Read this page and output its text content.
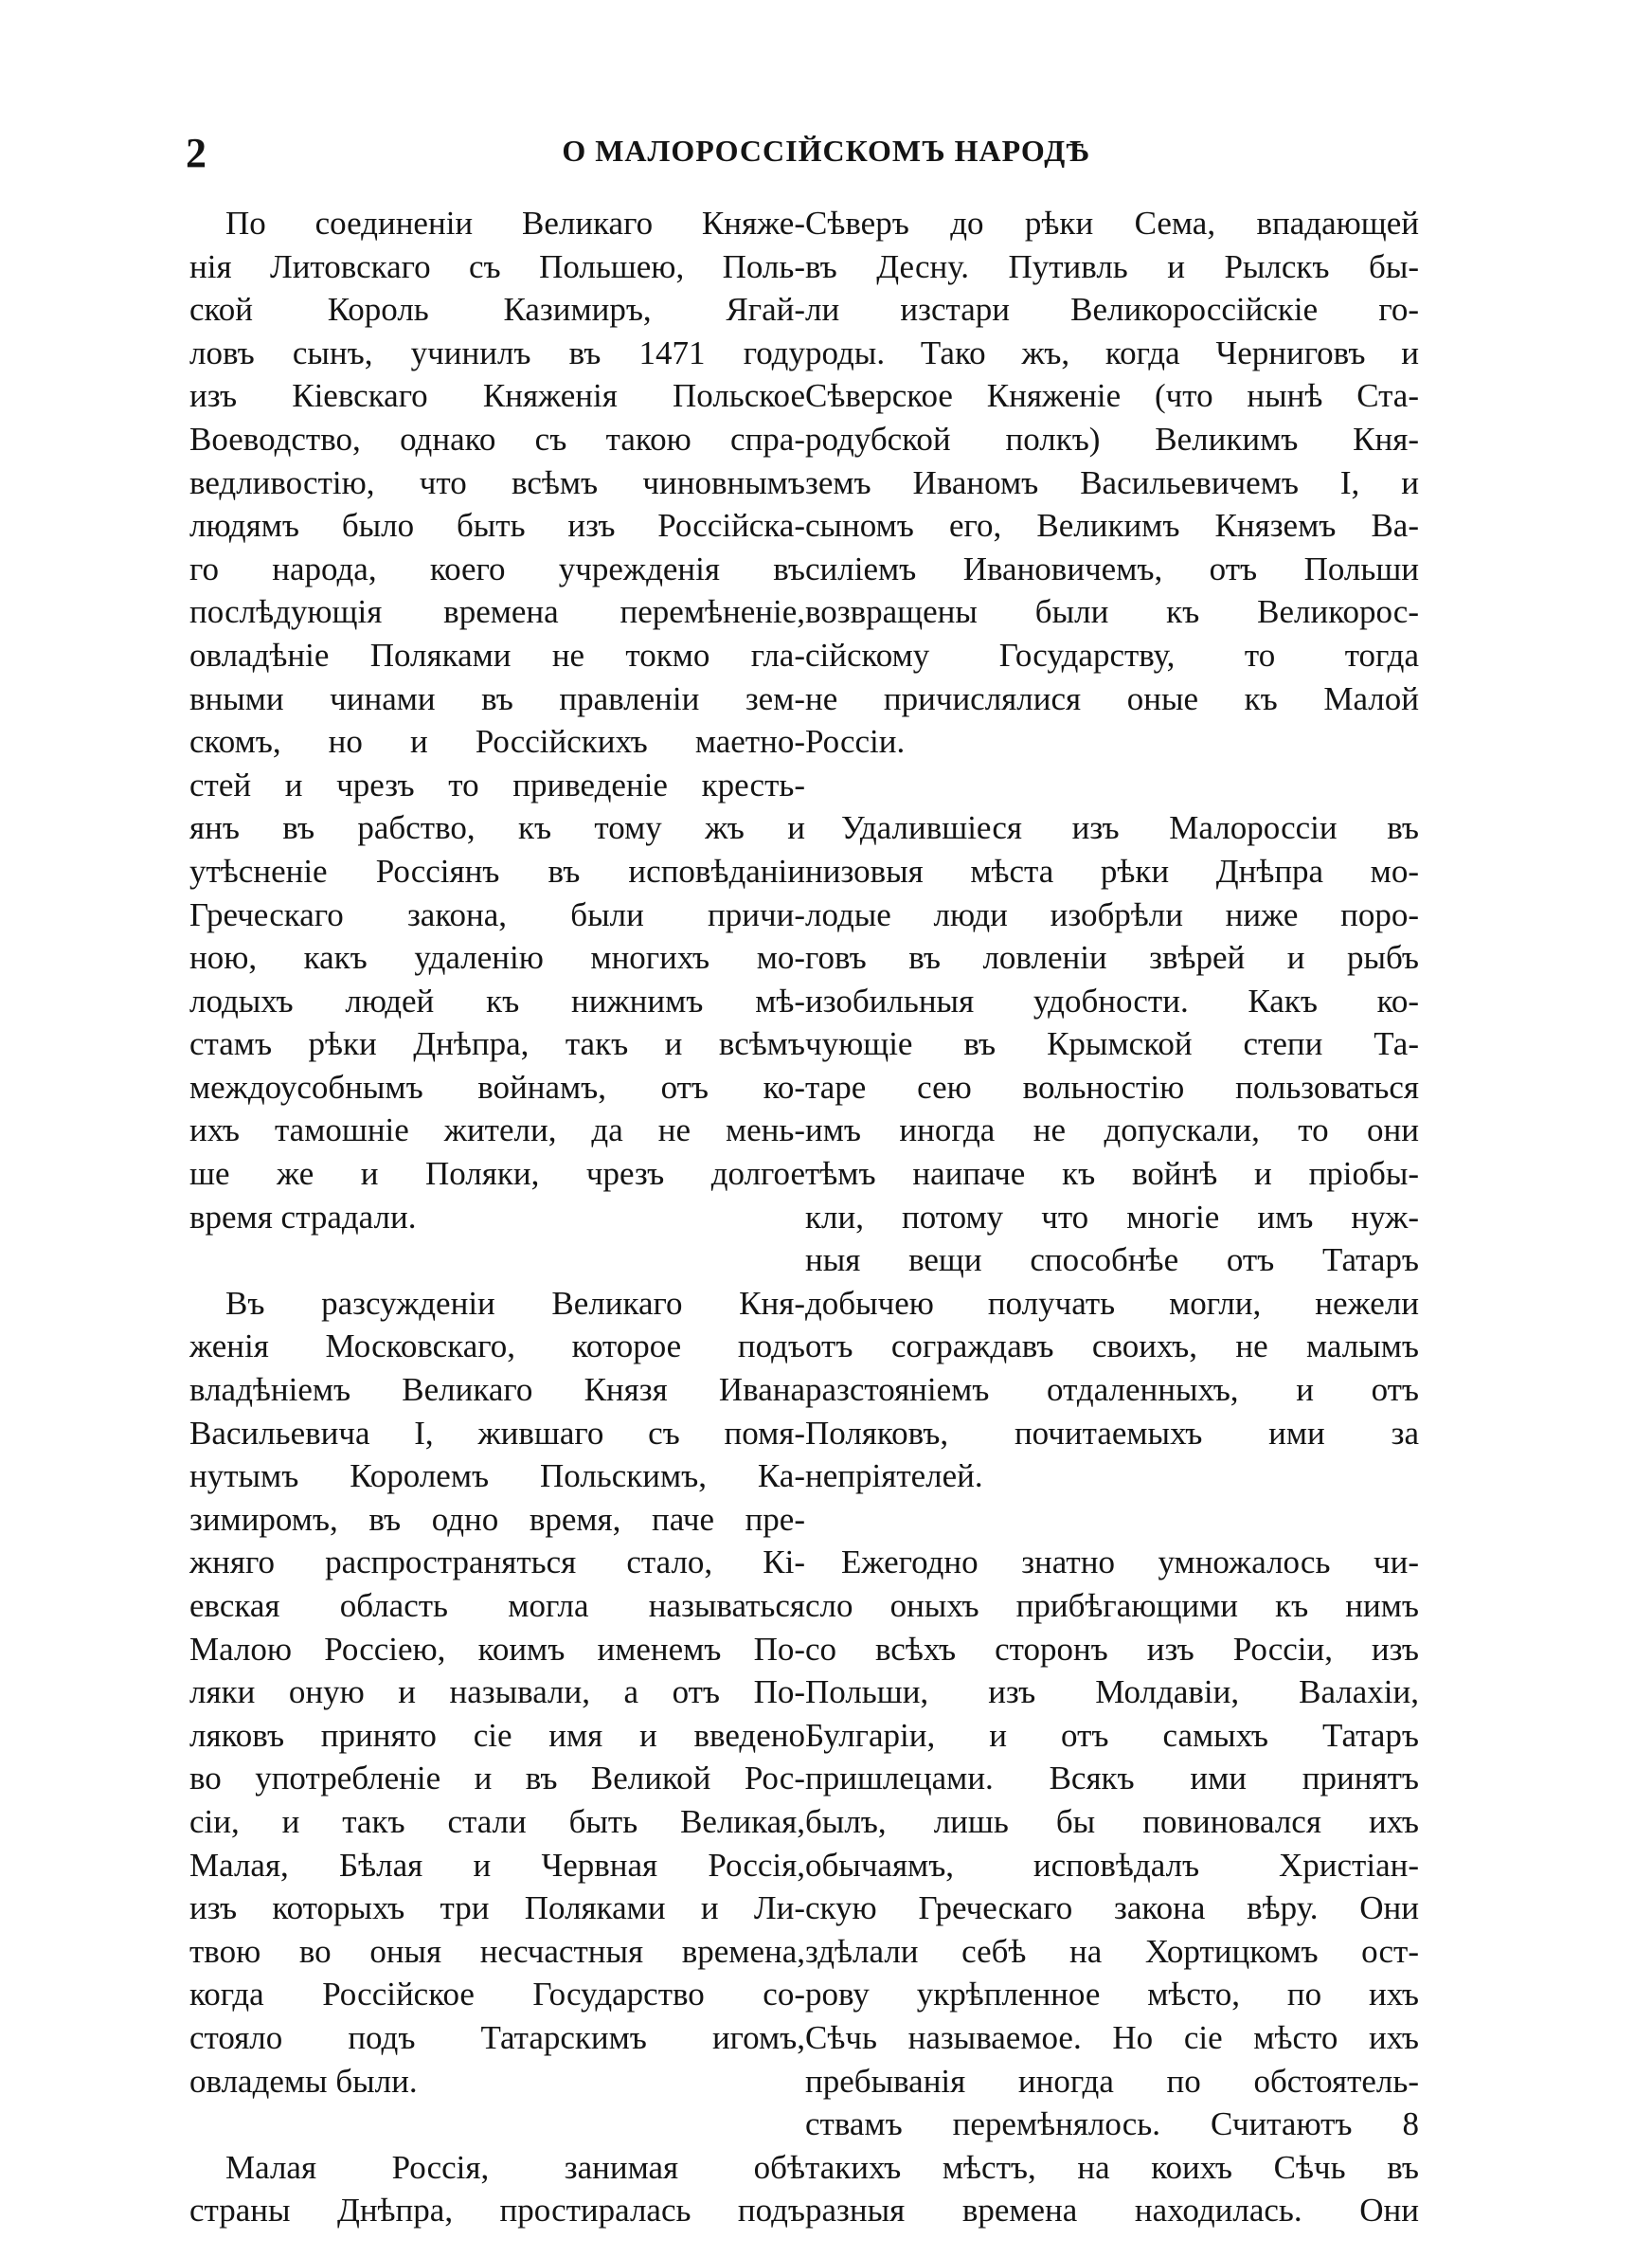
2	О МАЛОРОССІЙСКОМЪ НАРОДѢ
По соединеніи Великаго Княже-
нія Литовскаго съ Польшею, Поль-
ской Король Казимиръ, Ягай-
ловъ сынъ, учинилъ въ 1471 году
изъ Кіевскаго Княженія Польское
Воеводство, однако съ такою спра-
ведливостію, что всѣмъ чиновнымъ
людямъ было быть изъ Россійска-
го народа, коего учрежденія въ
послѣдующія времена перемѣненіе,
овладѣніе Поляками не токмо гла-
вными чинами въ правленіи зем-
скомъ, но и Россійскихъ маетно-
стей и чрезъ то приведеніе кресть-
янъ въ рабство, къ тому жъ и
утѣсненіе Россіянъ въ исповѣданіи
Греческаго закона, были причи-
ною, какъ удаленію многихъ мо-
лодыхъ людей къ нижнимъ мѣ-
стамъ рѣки Днѣпра, такъ и всѣмъ
междоусобнымъ войнамъ, отъ ко-
ихъ тамошніе жители, да не мень-
ше же и Поляки, чрезъ долгое
время страдали.
Въ разсужденіи Великаго Кня-
женія Московскаго, которое подъ
владѣніемъ Великаго Князя Ивана
Васильевича I, жившаго съ помя-
нутымъ Королемъ Польскимъ, Ка-
зимиромъ, въ одно время, паче пре-
жняго распространяться стало, Кі-
евская область могла называться
Малою Россіею, коимъ именемъ По-
ляки оную и называли, а отъ По-
ляковъ принято сіе имя и введено
во употребленіе и въ Великой Рос-
сіи, и такъ стали быть Великая,
Малая, Бѣлая и Червная Россія,
изъ которыхъ три Поляками и Ли-
твою во оныя несчастныя времена,
когда Россійское Государство со-
стояло подъ Татарскимъ игомъ,
овладемы были.
Малая Россія, занимая обѣ
страны Днѣпра, простиралась подъ
Сѣверъ до рѣки Сема, впадающей
въ Десну. Путивль и Рылскъ бы-
ли изстари Великороссійскіе го-
роды. Тако жъ, когда Черниговъ и
Сѣверское Княженіе (что нынѣ Ста-
родубской полкъ) Великимъ Кня-
земъ Иваномъ Васильевичемъ I, и
сыномъ его, Великимъ Княземъ Ва-
силіемъ Ивановичемъ, отъ Польши
возвращены были къ Великорос-
сійскому Государству, то тогда
не причислялися оные къ Малой
Россіи.
Удалившіеся изъ Малороссіи въ
низовыя мѣста рѣки Днѣпра мо-
лодые люди изобрѣли ниже поро-
говъ въ ловленіи звѣрей и рыбъ
изобильныя удобности. Какъ ко-
чующіе въ Крымской степи Та-
таре сею вольностію пользоваться
имъ иногда не допускали, то они
тѣмъ наипаче къ войнѣ и пріобы-
кли, потому что многіе имъ нуж-
ныя вещи способнѣе отъ Татаръ
добычею получать могли, нежели
отъ сограждавъ своихъ, не малымъ
разстояніемъ отдаленныхъ, и отъ
Поляковъ, почитаемыхъ ими за
непріятелей.
Ежегодно знатно умножалось чи-
сло оныхъ прибѣгающими къ нимъ
со всѣхъ сторонъ изъ Россіи, изъ
Польши, изъ Молдавіи, Валахіи,
Булгаріи, и отъ самыхъ Татаръ
пришлецами. Всякъ ими принятъ
былъ, лишь бы повиновался ихъ
обычаямъ, исповѣдалъ Христіан-
скую Греческаго закона вѣру. Они
здѣлали себѣ на Хортицкомъ ост-
рову укрѣпленное мѣсто, по ихъ
Сѣчь называемое. Но сіе мѣсто ихъ
пребыванія иногда по обстоятель-
ствамъ перемѣнялось. Считаютъ 8
такихъ мѣстъ, на коихъ Сѣчь въ
разныя времена находилась. Они
